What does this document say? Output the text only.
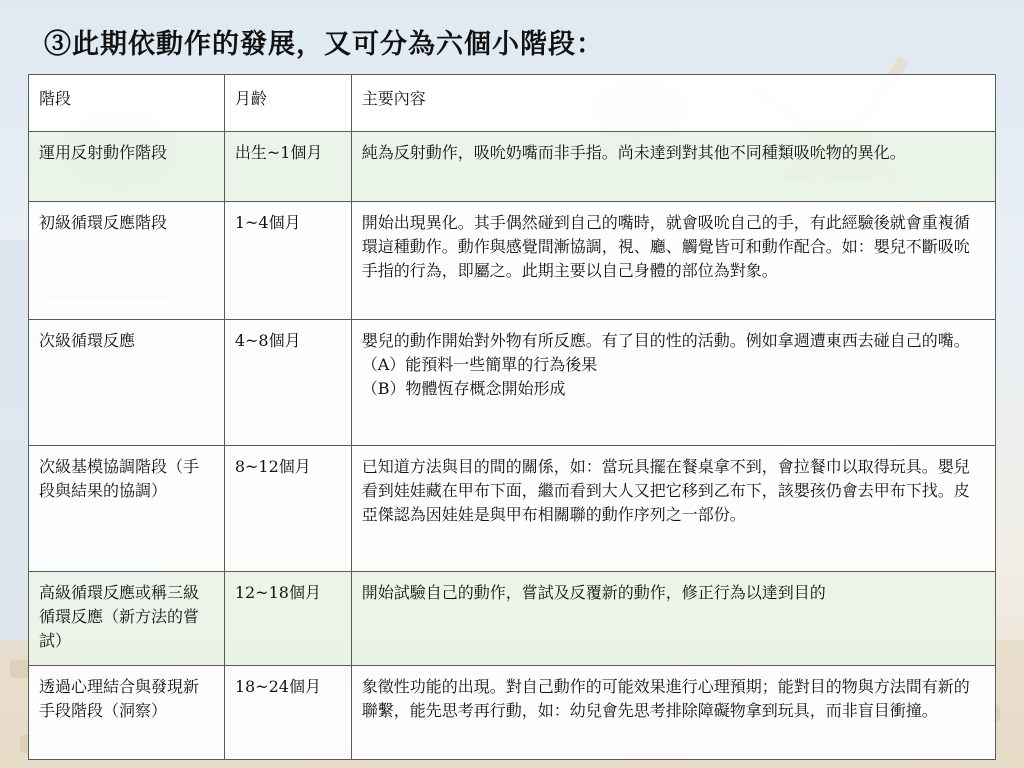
③此期依動作的發展，又可分為六個小階段：
階段	月齡	主要內容
運用反射動作階段	出生~1個月	純為反射動作，吸吮奶嘴而非手指。尚未達到對其他不同種類吸吮物的異化。

初級循環反應階段	1~4個月	開始出現異化。其手偶然碰到自己的嘴時，就會吸吮自己的手，有此經驗後就會重複循環這種動作。動作與感覺間漸協調，視、廳、觸覺皆可和動作配合。如：嬰兒不斷吸吮手指的行為，即屬之。此期主要以自己身體的部位為對象。

次級循環反應	4~8個月	嬰兒的動作開始對外物有所反應。有了目的性的活動。例如拿週遭東西去碰自己的嘴。
（A）能預料一些簡單的行為後果
（B）物體恆存概念開始形成

次級基模協調階段（手段與結果的協調）	8~12個月	已知道方法與目的間的關係，如：當玩具擺在餐桌拿不到，會拉餐巾以取得玩具。嬰兒看到娃娃藏在甲布下面，繼而看到大人又把它移到乙布下，該嬰孩仍會去甲布下找。皮亞傑認為因娃娃是與甲布相關聯的動作序列之一部份。

高級循環反應或稱三級循環反應（新方法的嘗試）	12~18個月	開始試驗自己的動作，嘗試及反覆新的動作，修正行為以達到目的

透過心理結合與發現新手段階段（洞察）	18~24個月	象徵性功能的出現。對自己動作的可能效果進行心理預期；能對目的物與方法間有新的聯繫，能先思考再行動，如：幼兒會先思考排除障礙物拿到玩具，而非盲目衝撞。
